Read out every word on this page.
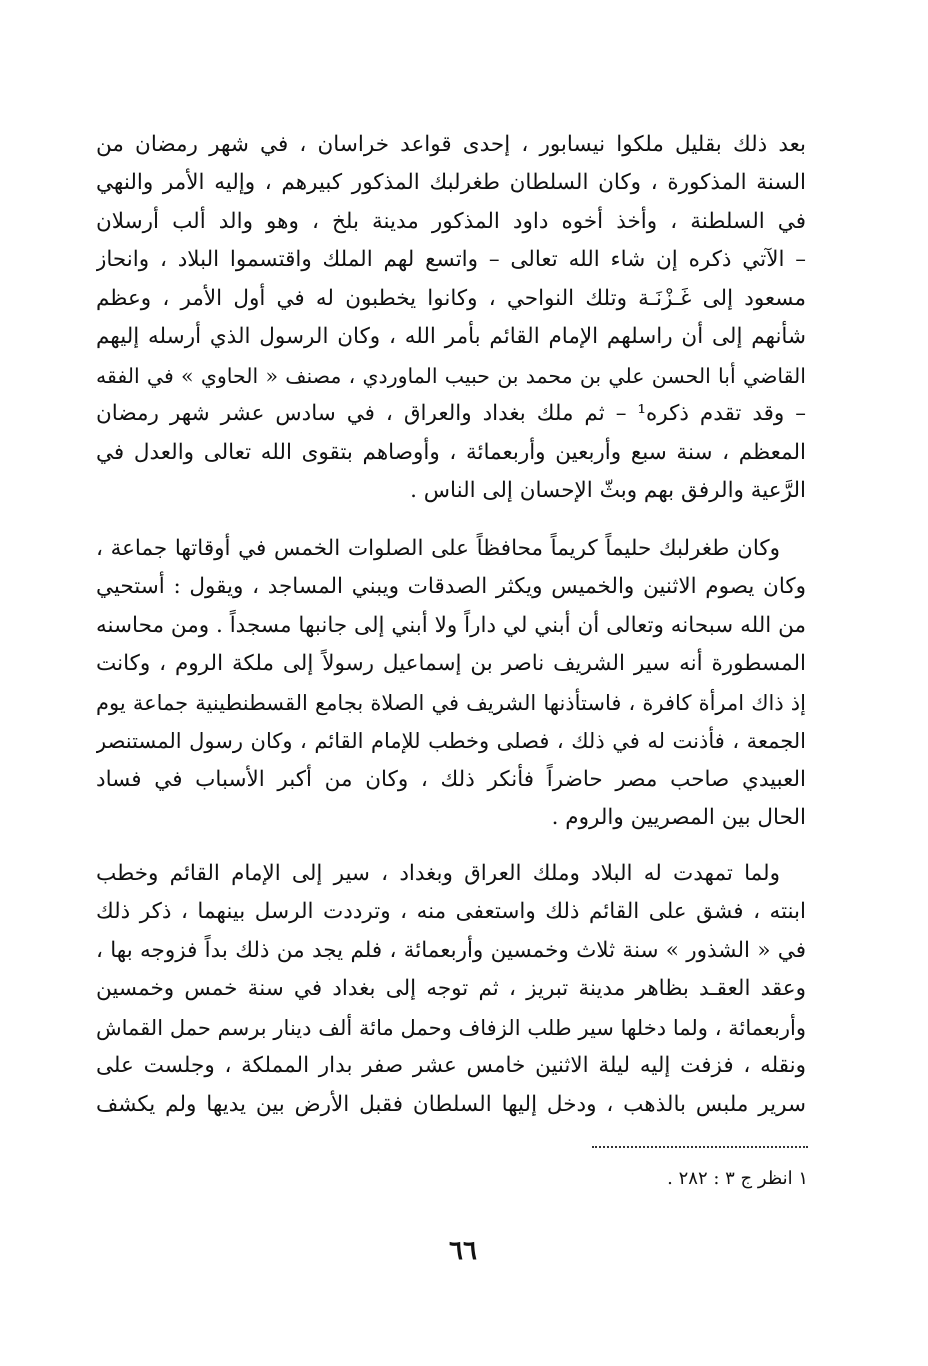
بعد ذلك بقليل ملكوا نيسابور ، إحدى قواعد خراسان ، في شهر رمضان من
السنة المذكورة ، وكان السلطان طغرلبك المذكور كبيرهم ، وإليه الأمر والنهي
في السلطنة ، وأخذ أخوه داود المذكور مدينة بلخ ، وهو والد ألب أرسلان
– الآتي ذكره إن شاء الله تعالى – واتسع لهم الملك واقتسموا البلاد ، وانحاز
مسعود إلى غَـزْنَـة وتلك النواحي ، وكانوا يخطبون له في أول الأمر ، وعظم
شأنهم إلى أن راسلهم الإمام القائم بأمر الله ، وكان الرسول الذي أرسله إليهم
القاضي أبا الحسن علي بن محمد بن حبيب الماوردي ، مصنف « الحاوي » في الفقه
– وقد تقدم ذكره¹ – ثم ملك بغداد والعراق ، في سادس عشر شهر رمضان
المعظم ، سنة سبع وأربعين وأربعمائة ، وأوصاهم بتقوى الله تعالى والعدل في
الرَّعية والرفق بهم وبثّ الإحسان إلى الناس .
وكان طغرلبك حليماً كريماً محافظاً على الصلوات الخمس في أوقاتها جماعة ،
وكان يصوم الاثنين والخميس ويكثر الصدقات ويبني المساجد ، ويقول : أستحيي
من الله سبحانه وتعالى أن أبني لي داراً ولا أبني إلى جانبها مسجداً . ومن محاسنه
المسطورة أنه سير الشريف ناصر بن إسماعيل رسولاً إلى ملكة الروم ، وكانت
إذ ذاك امرأة كافرة ، فاستأذنها الشريف في الصلاة بجامع القسطنطينية جماعة يوم
الجمعة ، فأذنت له في ذلك ، فصلى وخطب للإمام القائم ، وكان رسول المستنصر
العبيدي صاحب مصر حاضراً فأنكر ذلك ، وكان من أكبر الأسباب في فساد
الحال بين المصريين والروم .
ولما تمهدت له البلاد وملك العراق وبغداد ، سير إلى الإمام القائم وخطب
ابنته ، فشق على القائم ذلك واستعفى منه ، وترددت الرسل بينهما ، ذكر ذلك
في « الشذور » سنة ثلاث وخمسين وأربعمائة ، فلم يجد من ذلك بداً فزوجه بها ،
وعقد العقـد بظاهر مدينة تبريز ، ثم توجه إلى بغداد في سنة خمس وخمسين
وأربعمائة ، ولما دخلها سير طلب الزفاف وحمل مائة ألف دينار برسم حمل القماش
ونقله ، فزفت إليه ليلة الاثنين خامس عشر صفر بدار المملكة ، وجلست على
سرير ملبس بالذهب ، ودخل إليها السلطان فقبل الأرض بين يديها ولم يكشف
١ انظر ج ٣ : ٢٨٢ .
٦٦
